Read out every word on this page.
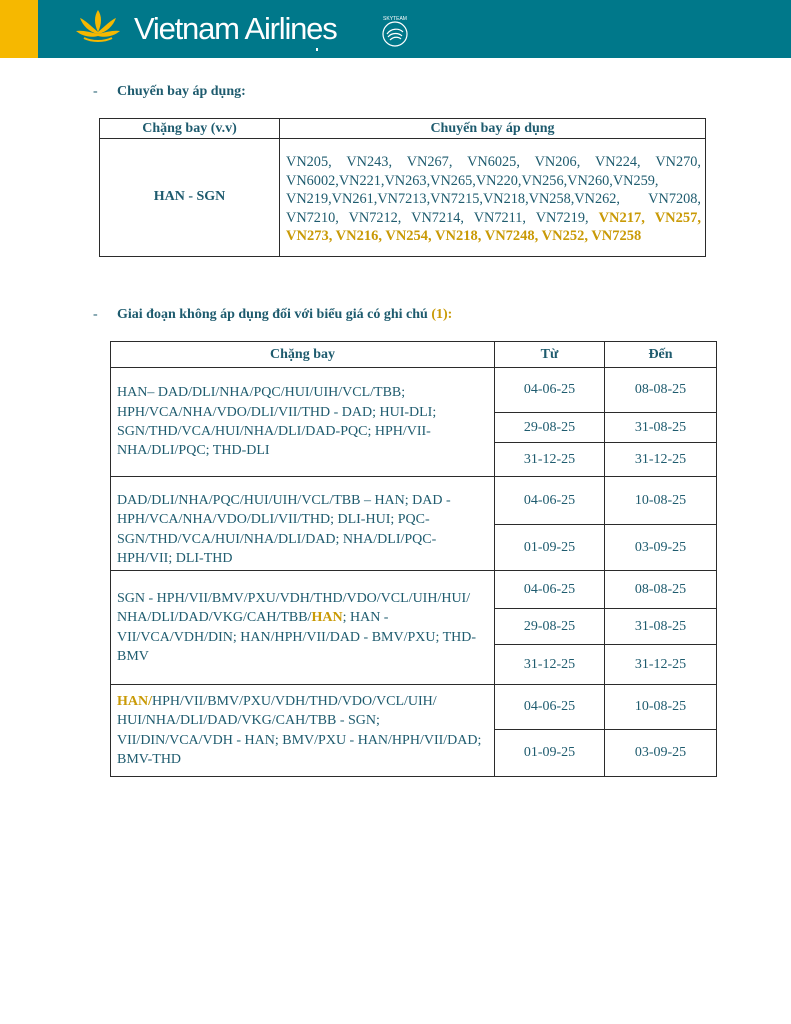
Vietnam Airlines	SKYTEAM
- Chuyến bay áp dụng:
Chặng bay (v.v)	Chuyến bay áp dụng
HAN - SGN	VN205, VN243, VN267, VN6025, VN206, VN224, VN270, VN6002,VN221,VN263,VN265,VN220,VN256,VN260,VN259, VN219,VN261,VN7213,VN7215,VN218,VN258,VN262, VN7208, VN7210, VN7212, VN7214, VN7211, VN7219, VN217, VN257, VN273, VN216, VN254, VN218, VN7248, VN252, VN7258
- Giai đoạn không áp dụng đối với biểu giá có ghi chú (1):
Chặng bay	Từ	Đến
HAN– DAD/DLI/NHA/PQC/HUI/UIH/VCL/TBB; HPH/VCA/NHA/VDO/DLI/VII/THD - DAD; HUI-DLI; SGN/THD/VCA/HUI/NHA/DLI/DAD-PQC; HPH/VII-NHA/DLI/PQC; THD-DLI	04-06-25	08-08-25
	29-08-25	31-08-25
	31-12-25	31-12-25
DAD/DLI/NHA/PQC/HUI/UIH/VCL/TBB – HAN; DAD - HPH/VCA/NHA/VDO/DLI/VII/THD; DLI-HUI; PQC-SGN/THD/VCA/HUI/NHA/DLI/DAD; NHA/DLI/PQC-HPH/VII; DLI-THD	04-06-25	10-08-25
	01-09-25	03-09-25
SGN - HPH/VII/BMV/PXU/VDH/THD/VDO/VCL/UIH/HUI/ NHA/DLI/DAD/VKG/CAH/TBB/HAN; HAN - VII/VCA/VDH/DIN; HAN/HPH/VII/DAD - BMV/PXU; THD-BMV	04-06-25	08-08-25
	29-08-25	31-08-25
	31-12-25	31-12-25
HAN/HPH/VII/BMV/PXU/VDH/THD/VDO/VCL/UIH/ HUI/NHA/DLI/DAD/VKG/CAH/TBB - SGN; VII/DIN/VCA/VDH - HAN; BMV/PXU - HAN/HPH/VII/DAD; BMV-THD	04-06-25	10-08-25
	01-09-25	03-09-25
